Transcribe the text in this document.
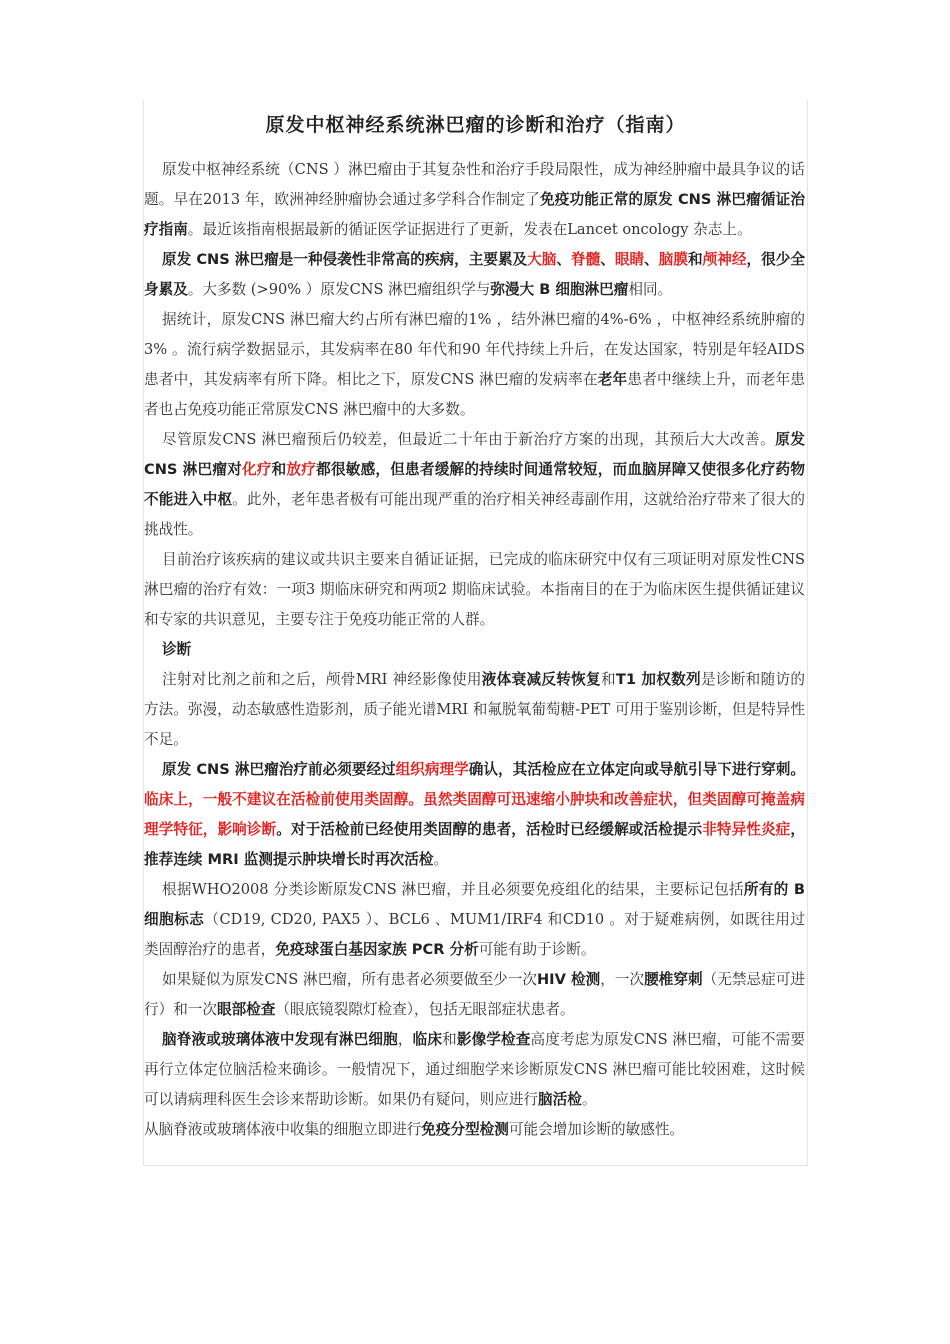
原发中枢神经系统淋巴瘤的诊断和治疗（指南）

原发中枢神经系统（CNS ）淋巴瘤由于其复杂性和治疗手段局限性，成为神经肿瘤中最具争议的话题。早在2013 年，欧洲神经肿瘤协会通过多学科合作制定了免疫功能正常的原发 CNS 淋巴瘤循证治疗指南。最近该指南根据最新的循证医学证据进行了更新，发表在Lancet oncology 杂志上。

原发 CNS 淋巴瘤是一种侵袭性非常高的疾病，主要累及大脑、脊髓、眼睛、脑膜和颅神经，很少全身累及。大多数 (>90% ）原发CNS 淋巴瘤组织学与弥漫大 B 细胞淋巴瘤相同。

据统计，原发CNS 淋巴瘤大约占所有淋巴瘤的1% ，结外淋巴瘤的4%-6% ，中枢神经系统肿瘤的3% 。流行病学数据显示，其发病率在80 年代和90 年代持续上升后，在发达国家，特别是年轻AIDS 患者中，其发病率有所下降。相比之下，原发CNS 淋巴瘤的发病率在老年患者中继续上升，而老年患者也占免疫功能正常原发CNS 淋巴瘤中的大多数。

尽管原发CNS 淋巴瘤预后仍较差，但最近二十年由于新治疗方案的出现，其预后大大改善。原发 CNS 淋巴瘤对化疗和放疗都很敏感，但患者缓解的持续时间通常较短，而血脑屏障又使很多化疗药物不能进入中枢。此外，老年患者极有可能出现严重的治疗相关神经毒副作用，这就给治疗带来了很大的挑战性。

目前治疗该疾病的建议或共识主要来自循证证据，已完成的临床研究中仅有三项证明对原发性CNS 淋巴瘤的治疗有效：一项3 期临床研究和两项2 期临床试验。本指南目的在于为临床医生提供循证建议和专家的共识意见，主要专注于免疫功能正常的人群。

诊断

注射对比剂之前和之后，颅骨MRI 神经影像使用液体衰减反转恢复和T1 加权数列是诊断和随访的方法。弥漫，动态敏感性造影剂，质子能光谱MRI 和氟脱氧葡萄糖-PET 可用于鉴别诊断，但是特异性不足。

原发 CNS 淋巴瘤治疗前必须要经过组织病理学确认，其活检应在立体定向或导航引导下进行穿刺。临床上，一般不建议在活检前使用类固醇。虽然类固醇可迅速缩小肿块和改善症状，但类固醇可掩盖病理学特征，影响诊断。对于活检前已经使用类固醇的患者，活检时已经缓解或活检提示非特异性炎症，推荐连续 MRI 监测提示肿块增长时再次活检。

根据WHO2008 分类诊断原发CNS 淋巴瘤，并且必须要免疫组化的结果，主要标记包括所有的 B 细胞标志（CD19, CD20, PAX5 ）、BCL6 、MUM1/IRF4 和CD10 。对于疑难病例，如既往用过类固醇治疗的患者，免疫球蛋白基因家族 PCR 分析可能有助于诊断。

如果疑似为原发CNS 淋巴瘤，所有患者必须要做至少一次HIV 检测，一次腰椎穿刺（无禁忌症可进行）和一次眼部检查（眼底镜裂隙灯检查），包括无眼部症状患者。

脑脊液或玻璃体液中发现有淋巴细胞，临床和影像学检查高度考虑为原发CNS 淋巴瘤，可能不需要再行立体定位脑活检来确诊。一般情况下，通过细胞学来诊断原发CNS 淋巴瘤可能比较困难，这时候可以请病理科医生会诊来帮助诊断。如果仍有疑问，则应进行脑活检。

从脑脊液或玻璃体液中收集的细胞立即进行免疫分型检测可能会增加诊断的敏感性。
